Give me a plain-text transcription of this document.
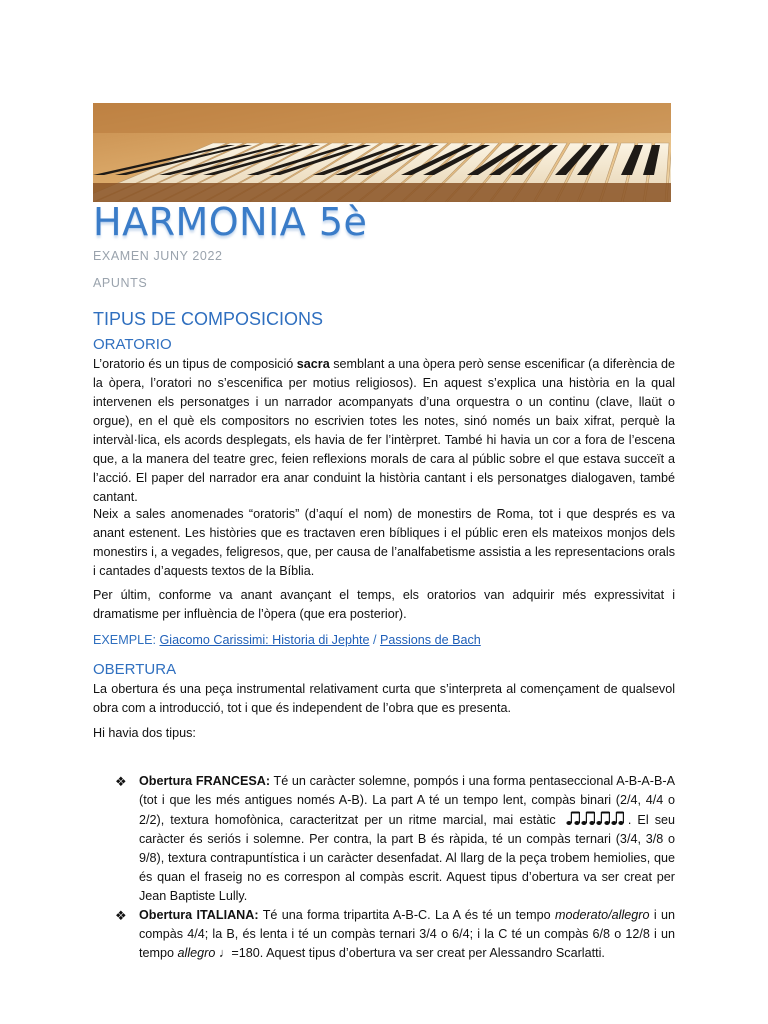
HARMONIA 5è
EXAMEN JUNY 2022
APUNTS
TIPUS DE COMPOSICIONS
ORATORIO
L’oratorio és un tipus de composició sacra semblant a una òpera però sense escenificar (a diferència de la òpera, l’oratori no s’escenifica per motius religiosos). En aquest s’explica una història en la qual intervenen els personatges i un narrador acompanyats d’una orquestra o un continu (clave, llaüt o orgue), en el què els compositors no escrivien totes les notes, sinó només un baix xifrat, perquè la intervàl·lica, els acords desplegats, els havia de fer l’intèrpret. També hi havia un cor a fora de l’escena que, a la manera del teatre grec, feien reflexions morals de cara al públic sobre el que estava succeït a l’acció. El paper del narrador era anar conduint la història cantant i els personatges dialogaven, també cantant.
Neix a sales anomenades “oratoris” (d’aquí el nom) de monestirs de Roma, tot i que després es va anant estenent. Les històries que es tractaven eren bíbliques i el públic eren els mateixos monjos dels monestirs i, a vegades, feligresos, que, per causa de l’analfabetisme assistia a les representacions orals i cantades d’aquests textos de la Bíblia.
Per últim, conforme va anant avançant el temps, els oratorios van adquirir més expressivitat i dramatisme per influència de l’òpera (que era posterior).
EXEMPLE: Giacomo Carissimi: Historia di Jephte / Passions de Bach
OBERTURA
La obertura és una peça instrumental relativament curta que s’interpreta al començament de qualsevol obra com a introducció, tot i que és independent de l’obra que es presenta.
Hi havia dos tipus:
❖ Obertura FRANCESA: Té un caràcter solemne, pompós i una forma pentaseccional A-B-A-B-A (tot i que les més antigues només A-B). La part A té un tempo lent, compàs binari (2/4, 4/4 o 2/2), textura homofònica, caracteritzat per un ritme marcial, mai estàtic	. El seu caràcter és seriós i solemne. Per contra, la part B és ràpida, té un compàs ternari (3/4, 3/8 o 9/8), textura contrapuntística i un caràcter desenfadat. Al llarg de la peça trobem hemiolies, que és quan el fraseig no es correspon al compàs escrit. Aquest tipus d’obertura va ser creat per Jean Baptiste Lully.
❖ Obertura ITALIANA: Té una forma tripartita A-B-C. La A és té un tempo moderato/allegro i un compàs 4/4; la B, és lenta i té un compàs ternari 3/4 o 6/4; i la C té un compàs 6/8 o 12/8 i un tempo allegro ♩=180. Aquest tipus d’obertura va ser creat per Alessandro Scarlatti.
